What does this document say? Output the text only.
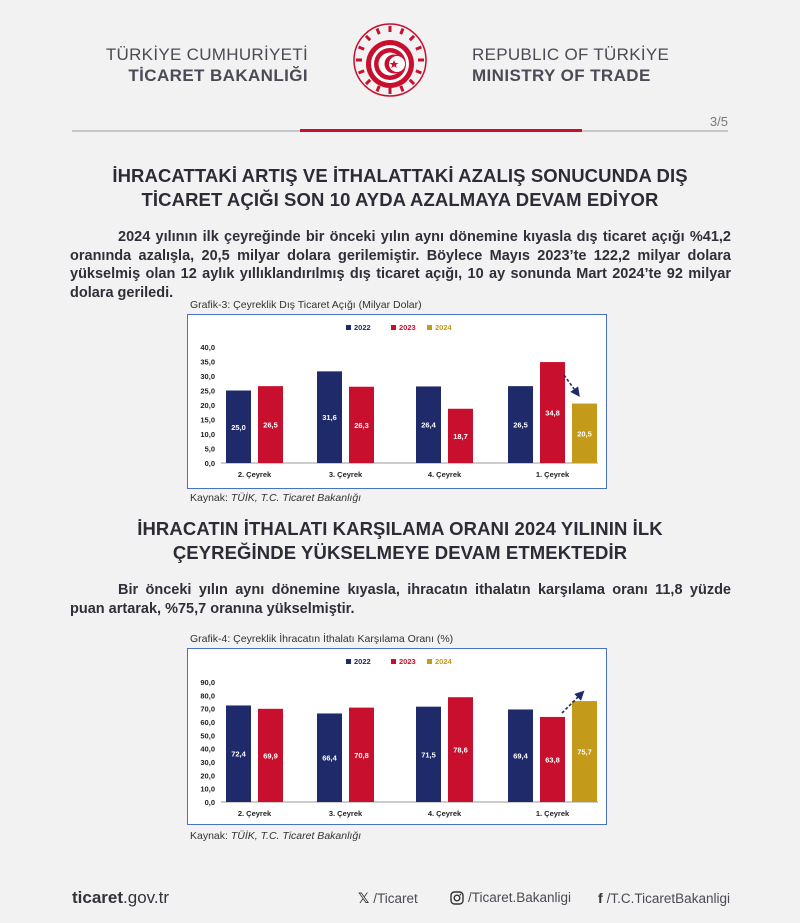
TÜRKİYE CUMHURİYETİ
TİCARET BAKANLIĞI
REPUBLIC OF TÜRKİYE
MINISTRY OF TRADE
3/5
İHRACATTAKİ ARTIŞ VE İTHALATTAKİ AZALIŞ SONUCUNDA DIŞ
TİCARET AÇIĞI SON 10 AYDA AZALMAYA DEVAM EDİYOR
2024 yılının ilk çeyreğinde bir önceki yılın aynı dönemine kıyasla dış ticaret açığı %41,2 oranında azalışla, 20,5 milyar dolara gerilemiştir. Böylece Mayıs 2023’te 122,2 milyar dolara yükselmiş olan 12 aylık yıllıklandırılmış dış ticaret açığı, 10 ay sonunda Mart 2024’te 92 milyar dolara geriledi.
Grafik-3: Çeyreklik Dış Ticaret Açığı (Milyar Dolar)
2022	2023	2024
0,0
5,0
10,0
15,0
20,0
25,0
30,0
35,0
40,0
25,0 26,5
2. Çeyrek
31,6
26,3
3. Çeyrek
26,4
18,7
4. Çeyrek
26,5
34,8
20,5
1. Çeyrek
Kaynak: TÜİK, T.C. Ticaret Bakanlığı
İHRACATIN İTHALATI KARŞILAMA ORANI 2024 YILININ İLK
ÇEYREĞİNDE YÜKSELMEYE DEVAM ETMEKTEDİR
Bir önceki yılın aynı dönemine kıyasla, ihracatın ithalatın karşılama oranı 11,8 yüzde puan artarak, %75,7 oranına yükselmiştir.
Grafik-4: Çeyreklik İhracatın İthalatı Karşılama Oranı (%)
2022	2023	2024
0,0
10,0
20,0
30,0
40,0
50,0
60,0
70,0
80,0
90,0
72,4 69,9
2. Çeyrek
66,4 70,8
3. Çeyrek
71,5
78,6
4. Çeyrek
69,4 63,8
75,7
1. Çeyrek
Kaynak: TÜİK, T.C. Ticaret Bakanlığı
ticaret.gov.tr	𝕏 /Ticaret	/Ticaret.Bakanligi f /T.C.TicaretBakanligi
